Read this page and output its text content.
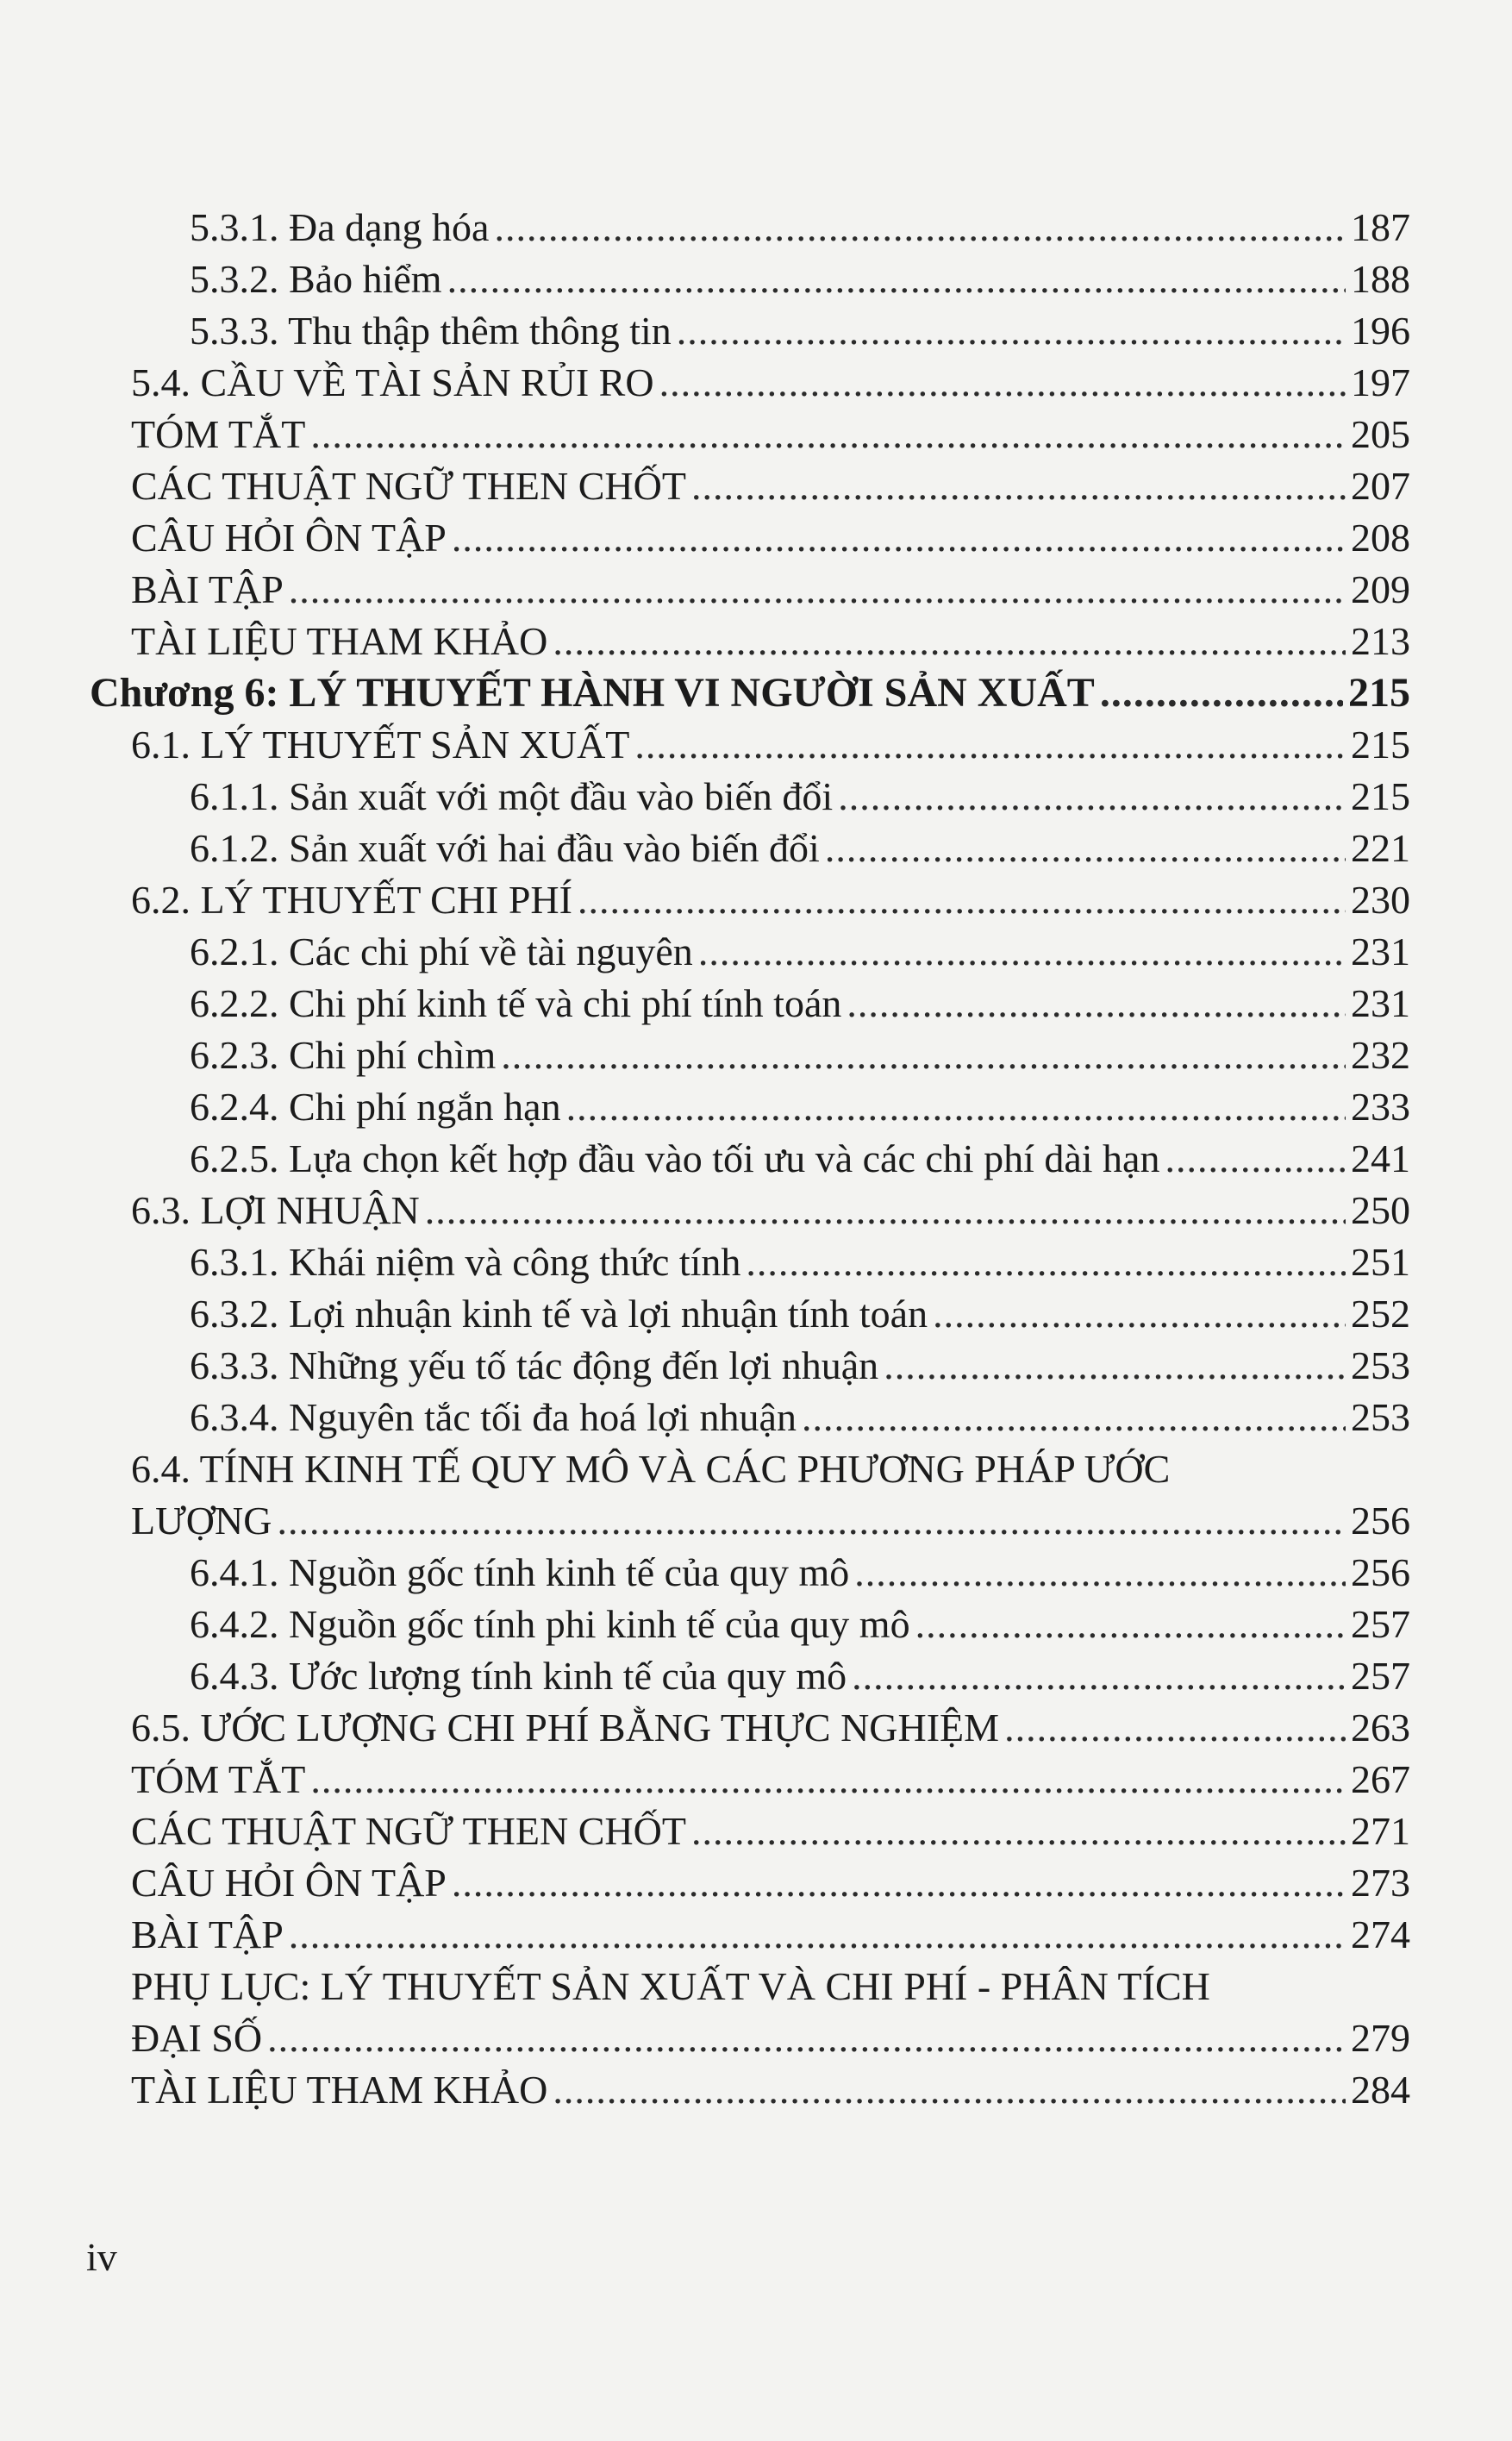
5.3.1. Đa dạng hóa .....	187
5.3.2. Bảo hiểm .....	188
5.3.3. Thu thập thêm thông tin .....	196
5.4. CẦU VỀ TÀI SẢN RỦI RO .....	197
TÓM TẮT .....	205
CÁC THUẬT NGỮ THEN CHỐT .....	207
CÂU HỎI ÔN TẬP .....	208
BÀI TẬP .....	209
TÀI LIỆU THAM KHẢO .....	213
Chương 6: LÝ THUYẾT HÀNH VI NGƯỜI SẢN XUẤT .....	215
6.1. LÝ THUYẾT SẢN XUẤT .....	215
6.1.1. Sản xuất với một đầu vào biến đổi .....	215
6.1.2. Sản xuất với hai đầu vào biến đổi .....	221
6.2. LÝ THUYẾT CHI PHÍ .....	230
6.2.1. Các chi phí về tài nguyên .....	231
6.2.2. Chi phí kinh tế và chi phí tính toán .....	231
6.2.3. Chi phí chìm .....	232
6.2.4. Chi phí ngắn hạn .....	233
6.2.5. Lựa chọn kết hợp đầu vào tối ưu và các chi phí dài hạn .....	241
6.3. LỢI NHUẬN .....	250
6.3.1. Khái niệm và công thức tính .....	251
6.3.2. Lợi nhuận kinh tế và lợi nhuận tính toán .....	252
6.3.3. Những yếu tố tác động đến lợi nhuận .....	253
6.3.4. Nguyên tắc tối đa hoá lợi nhuận .....	253
6.4. TÍNH KINH TẾ QUY MÔ VÀ CÁC PHƯƠNG PHÁP ƯỚC
LƯỢNG .....	256
6.4.1. Nguồn gốc tính kinh tế của quy mô .....	256
6.4.2. Nguồn gốc tính phi kinh tế của quy mô .....	257
6.4.3. Ước lượng tính kinh tế của quy mô .....	257
6.5. ƯỚC LƯỢNG CHI PHÍ BẰNG THỰC NGHIỆM .....	263
TÓM TẮT .....	267
CÁC THUẬT NGỮ THEN CHỐT .....	271
CÂU HỎI ÔN TẬP .....	273
BÀI TẬP .....	274
PHỤ LỤC: LÝ THUYẾT SẢN XUẤT VÀ CHI PHÍ - PHÂN TÍCH
ĐẠI SỐ .....	279
TÀI LIỆU THAM KHẢO .....	284
iv
